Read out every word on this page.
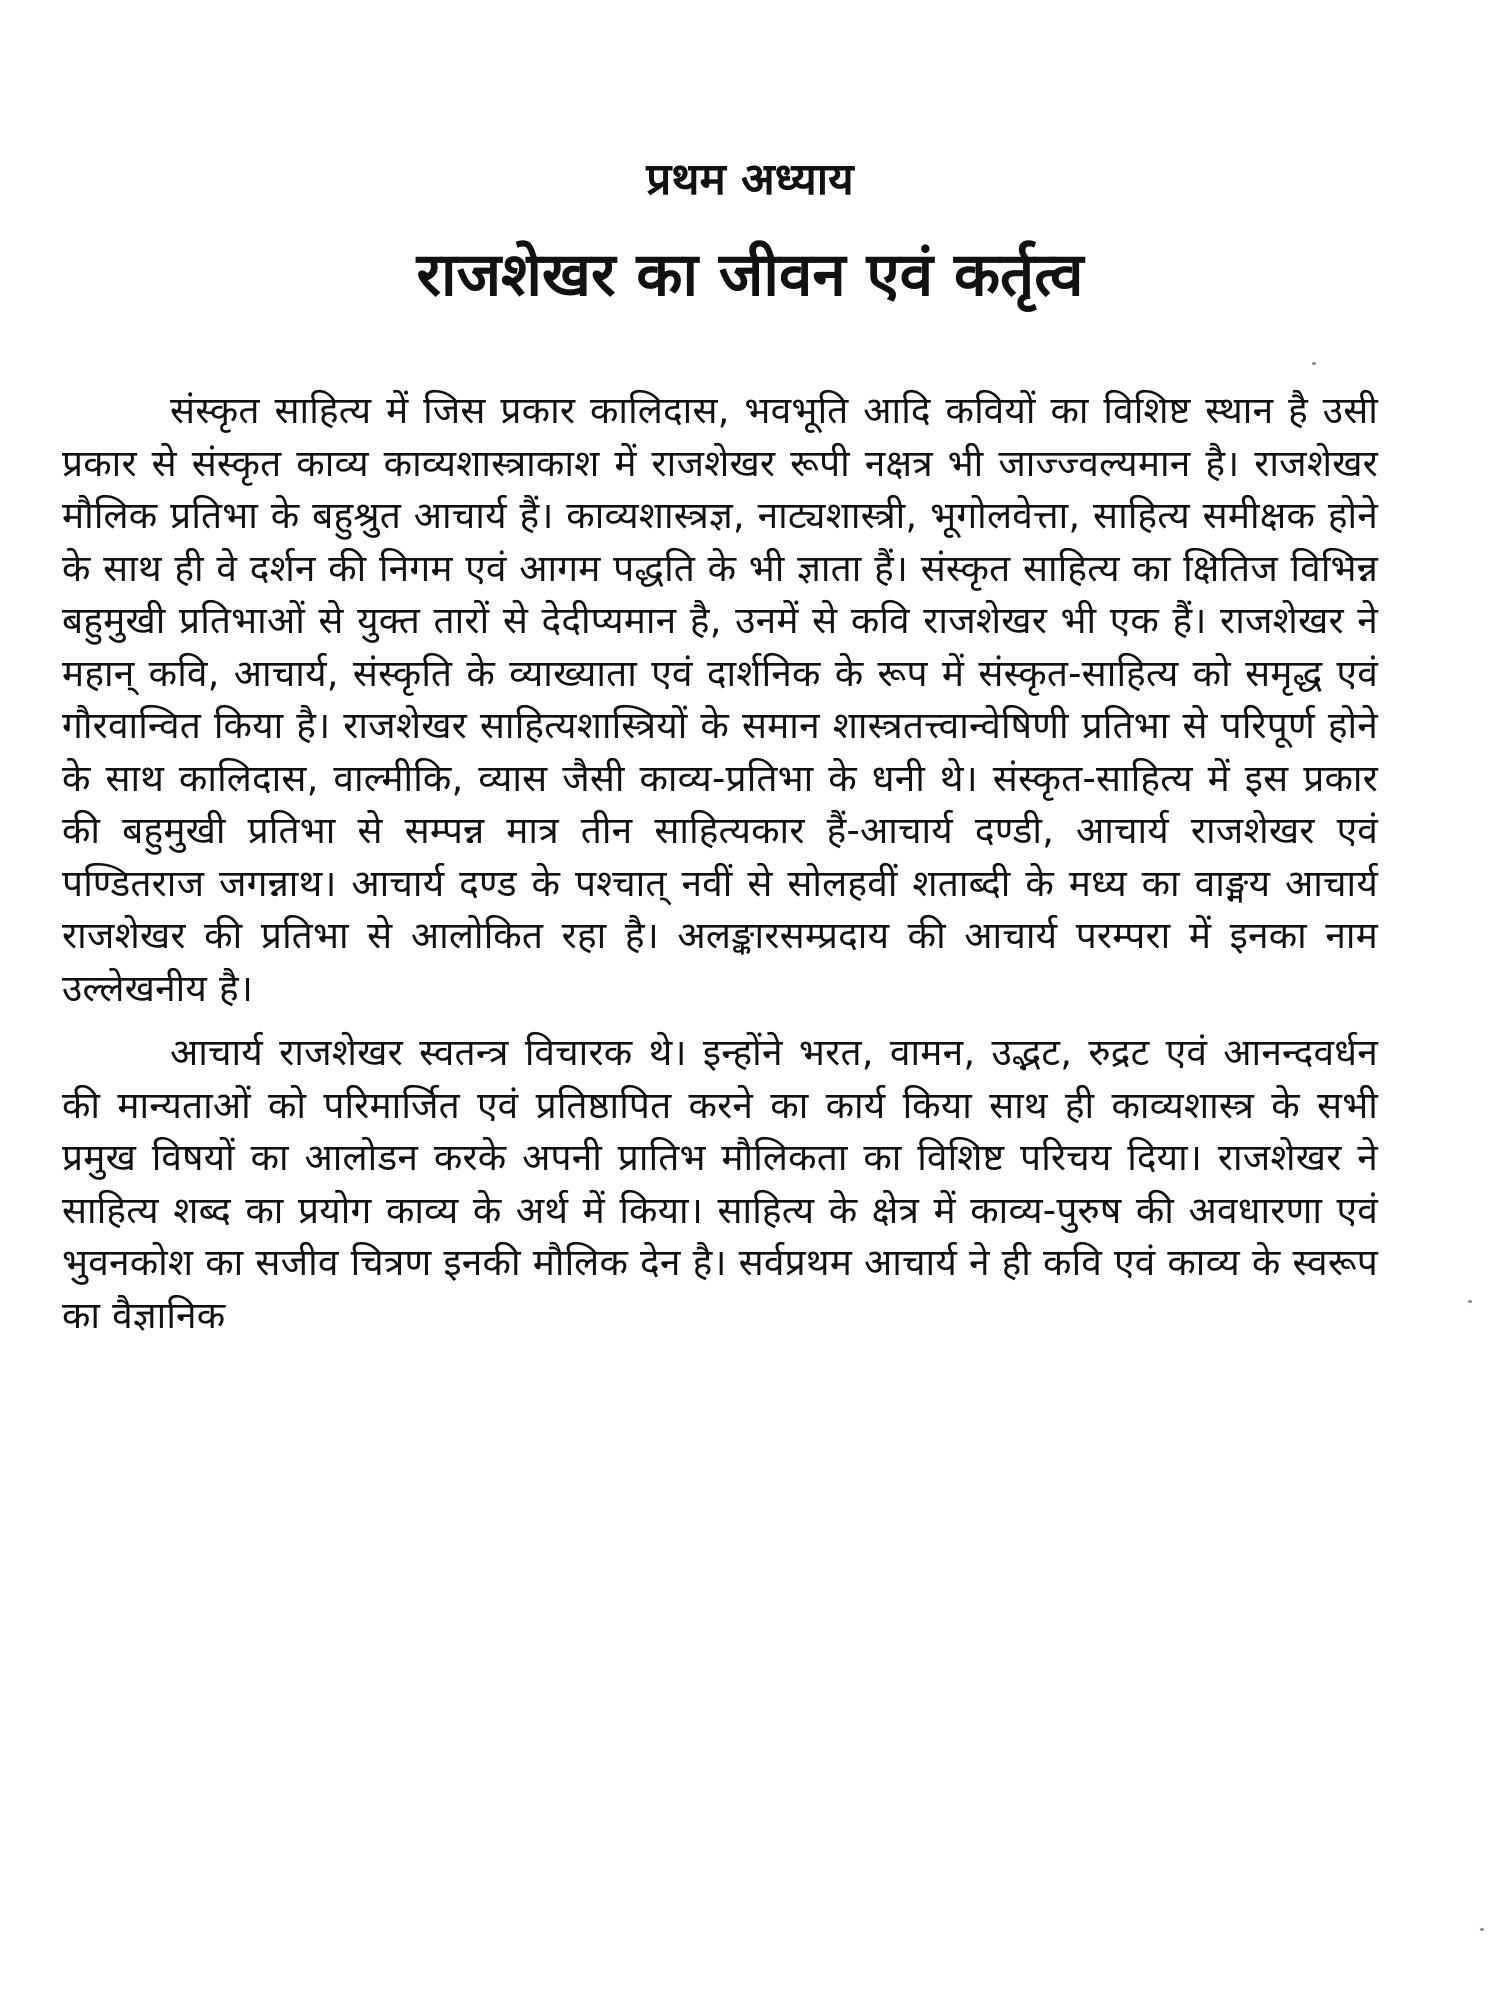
प्रथम अध्याय
राजशेखर का जीवन एवं कर्तृत्व

संस्कृत साहित्य में जिस प्रकार कालिदास, भवभूति आदि कवियों का विशिष्ट स्थान है उसी प्रकार से संस्कृत काव्य काव्यशास्त्राकाश में राजशेखर रूपी नक्षत्र भी जाज्ज्वल्यमान है। राजशेखर मौलिक प्रतिभा के बहुश्रुत आचार्य हैं। काव्यशास्त्रज्ञ, नाट्यशास्त्री, भूगोलवेत्ता, साहित्य समीक्षक होने के साथ ही वे दर्शन की निगम एवं आगम पद्धति के भी ज्ञाता हैं। संस्कृत साहित्य का क्षितिज विभिन्न बहुमुखी प्रतिभाओं से युक्त तारों से देदीप्यमान है, उनमें से कवि राजशेखर भी एक हैं। राजशेखर ने महान् कवि, आचार्य, संस्कृति के व्याख्याता एवं दार्शनिक के रूप में संस्कृत-साहित्य को समृद्ध एवं गौरवान्वित किया है। राजशेखर साहित्यशास्त्रियों के समान शास्त्रतत्त्वान्वेषिणी प्रतिभा से परिपूर्ण होने के साथ कालिदास, वाल्मीकि, व्यास जैसी काव्य-प्रतिभा के धनी थे। संस्कृत-साहित्य में इस प्रकार की बहुमुखी प्रतिभा से सम्पन्न मात्र तीन साहित्यकार हैं-आचार्य दण्डी, आचार्य राजशेखर एवं पण्डितराज जगन्नाथ। आचार्य दण्ड के पश्चात् नवीं से सोलहवीं शताब्दी के मध्य का वाङ्मय आचार्य राजशेखर की प्रतिभा से आलोकित रहा है। अलङ्कारसम्प्रदाय की आचार्य परम्परा में इनका नाम उल्लेखनीय है।

आचार्य राजशेखर स्वतन्त्र विचारक थे। इन्होंने भरत, वामन, उद्भट, रुद्रट एवं आनन्दवर्धन की मान्यताओं को परिमार्जित एवं प्रतिष्ठापित करने का कार्य किया साथ ही काव्यशास्त्र के सभी प्रमुख विषयों का आलोडन करके अपनी प्रातिभ मौलिकता का विशिष्ट परिचय दिया। राजशेखर ने साहित्य शब्द का प्रयोग काव्य के अर्थ में किया। साहित्य के क्षेत्र में काव्य-पुरुष की अवधारणा एवं भुवनकोश का सजीव चित्रण इनकी मौलिक देन है। सर्वप्रथम आचार्य ने ही कवि एवं काव्य के स्वरूप का वैज्ञानिक
